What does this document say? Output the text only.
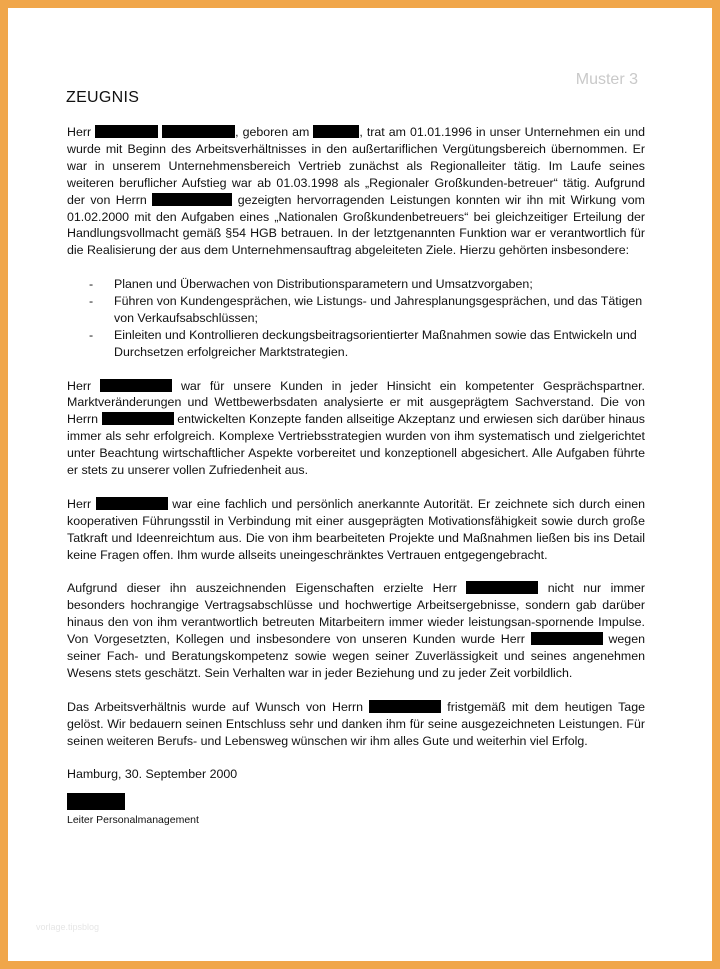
Muster 3
ZEUGNIS

Herr	, geboren am	, trat am 01.01.1996 in unser Unternehmen ein und wurde mit Beginn des Arbeitsverhältnisses in den außertariflichen Vergütungsbereich übernommen. Er war in unserem Unternehmensbereich Vertrieb zunächst als Regionalleiter tätig. Im Laufe seines weiteren beruflicher Aufstieg war ab 01.03.1998 als „Regionaler Großkunden-betreuer“ tätig. Aufgrund der von Herrn	gezeigten hervorragenden Leistungen konnten wir ihn mit Wirkung vom 01.02.2000 mit den Aufgaben eines „Nationalen Großkundenbetreuers“ bei gleichzeitiger Erteilung der Handlungsvollmacht gemäß §54 HGB betrauen. In der letztgenannten Funktion war er verantwortlich für die Realisierung der aus dem Unternehmensauftrag abgeleiteten Ziele. Hierzu gehörten insbesondere:

- Planen und Überwachen von Distributionsparametern und Umsatzvorgaben;
- Führen von Kundengesprächen, wie Listungs- und Jahresplanungsgesprächen, und das Tätigen von Verkaufsabschlüssen;
- Einleiten und Kontrollieren deckungsbeitragsorientierter Maßnahmen sowie das Entwickeln und Durchsetzen erfolgreicher Marktstrategien.

Herr	war für unsere Kunden in jeder Hinsicht ein kompetenter Gesprächspartner. Marktveränderungen und Wettbewerbsdaten analysierte er mit ausgeprägtem Sachverstand. Die von Herrn	entwickelten Konzepte fanden allseitige Akzeptanz und erwiesen sich darüber hinaus immer als sehr erfolgreich. Komplexe Vertriebsstrategien wurden von ihm systematisch und zielgerichtet unter Beachtung wirtschaftlicher Aspekte vorbereitet und konzeptionell abgesichert. Alle Aufgaben führte er stets zu unserer vollen Zufriedenheit aus.

Herr	war eine fachlich und persönlich anerkannte Autorität. Er zeichnete sich durch einen kooperativen Führungsstil in Verbindung mit einer ausgeprägten Motivationsfähigkeit sowie durch große Tatkraft und Ideenreichtum aus. Die von ihm bearbeiteten Projekte und Maßnahmen ließen bis ins Detail keine Fragen offen. Ihm wurde allseits uneingeschränktes Vertrauen entgegengebracht.

Aufgrund dieser ihn auszeichnenden Eigenschaften erzielte Herr	nicht nur immer besonders hochrangige Vertragsabschlüsse und hochwertige Arbeitsergebnisse, sondern gab darüber hinaus den von ihm verantwortlich betreuten Mitarbeitern immer wieder leistungsan-spornende Impulse. Von Vorgesetzten, Kollegen und insbesondere von unseren Kunden wurde Herr	wegen seiner Fach- und Beratungskompetenz sowie wegen seiner Zuverlässigkeit und seines angenehmen Wesens stets geschätzt. Sein Verhalten war in jeder Beziehung und zu jeder Zeit vorbildlich.

Das Arbeitsverhältnis wurde auf Wunsch von Herrn	fristgemäß mit dem heutigen Tage gelöst. Wir bedauern seinen Entschluss sehr und danken ihm für seine ausgezeichneten Leistungen. Für seinen weiteren Berufs- und Lebensweg wünschen wir ihm alles Gute und weiterhin viel Erfolg.

Hamburg, 30. September 2000

Leiter Personalmanagement
vorlage.tipsblog
